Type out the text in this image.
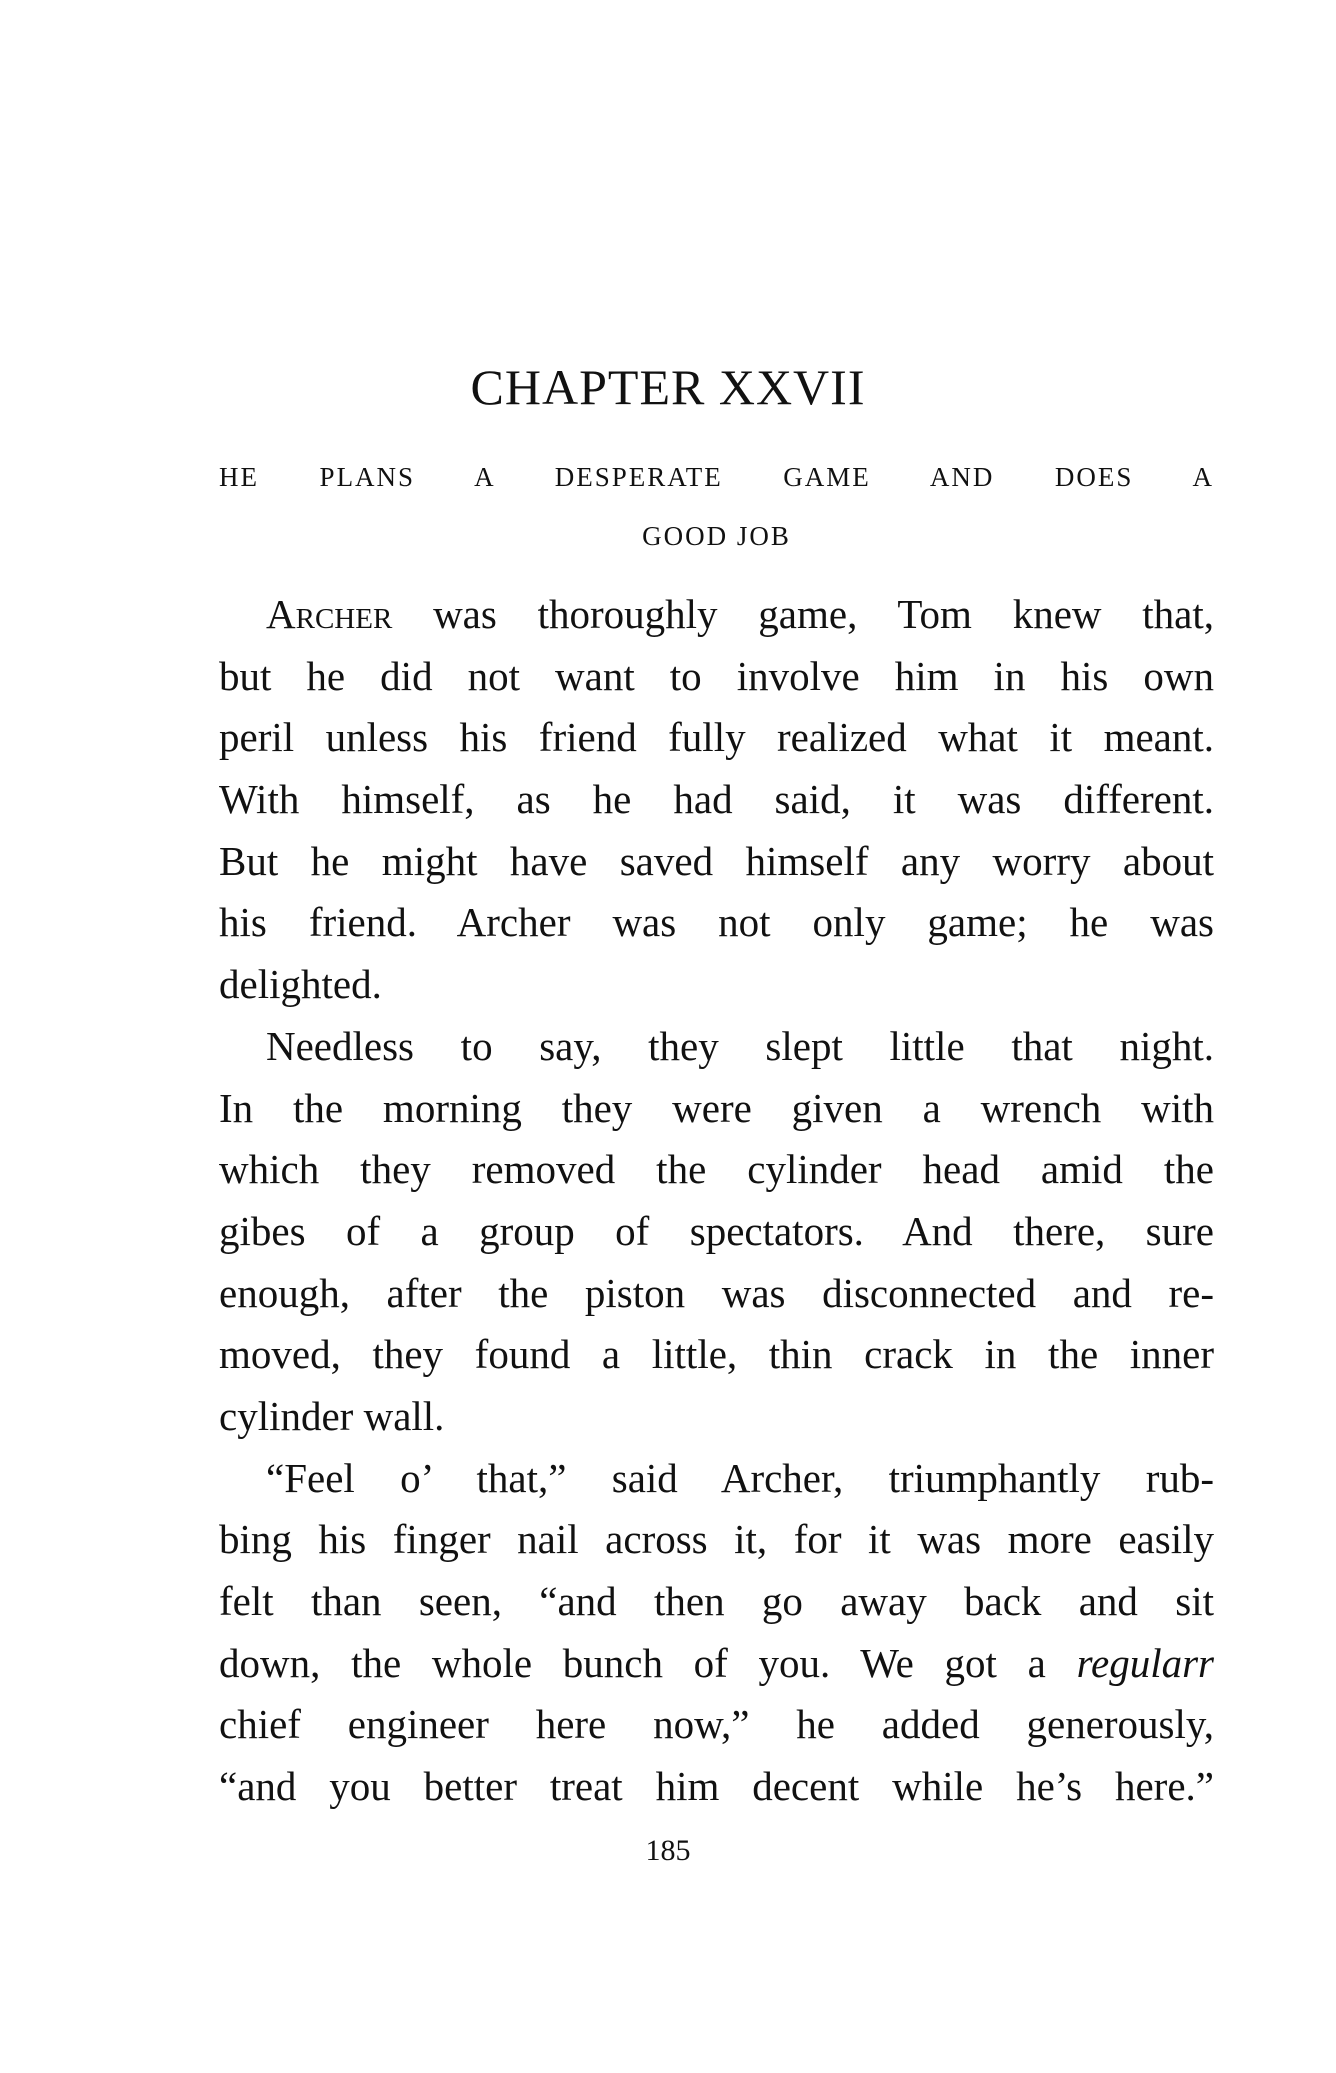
CHAPTER XXVII
HE PLANS A DESPERATE GAME AND DOES A
GOOD JOB
Archer was thoroughly game, Tom knew that,
but he did not want to involve him in his own
peril unless his friend fully realized what it meant.
With himself, as he had said, it was different.
But he might have saved himself any worry about
his friend. Archer was not only game; he was
delighted.
Needless to say, they slept little that night.
In the morning they were given a wrench with
which they removed the cylinder head amid the
gibes of a group of spectators. And there, sure
enough, after the piston was disconnected and re-
moved, they found a little, thin crack in the inner
cylinder wall.
“Feel o’ that,” said Archer, triumphantly rub-
bing his finger nail across it, for it was more easily
felt than seen, “and then go away back and sit
down, the whole bunch of you. We got a regularr
chief engineer here now,” he added generously,
“and you better treat him decent while he’s here.”
185
